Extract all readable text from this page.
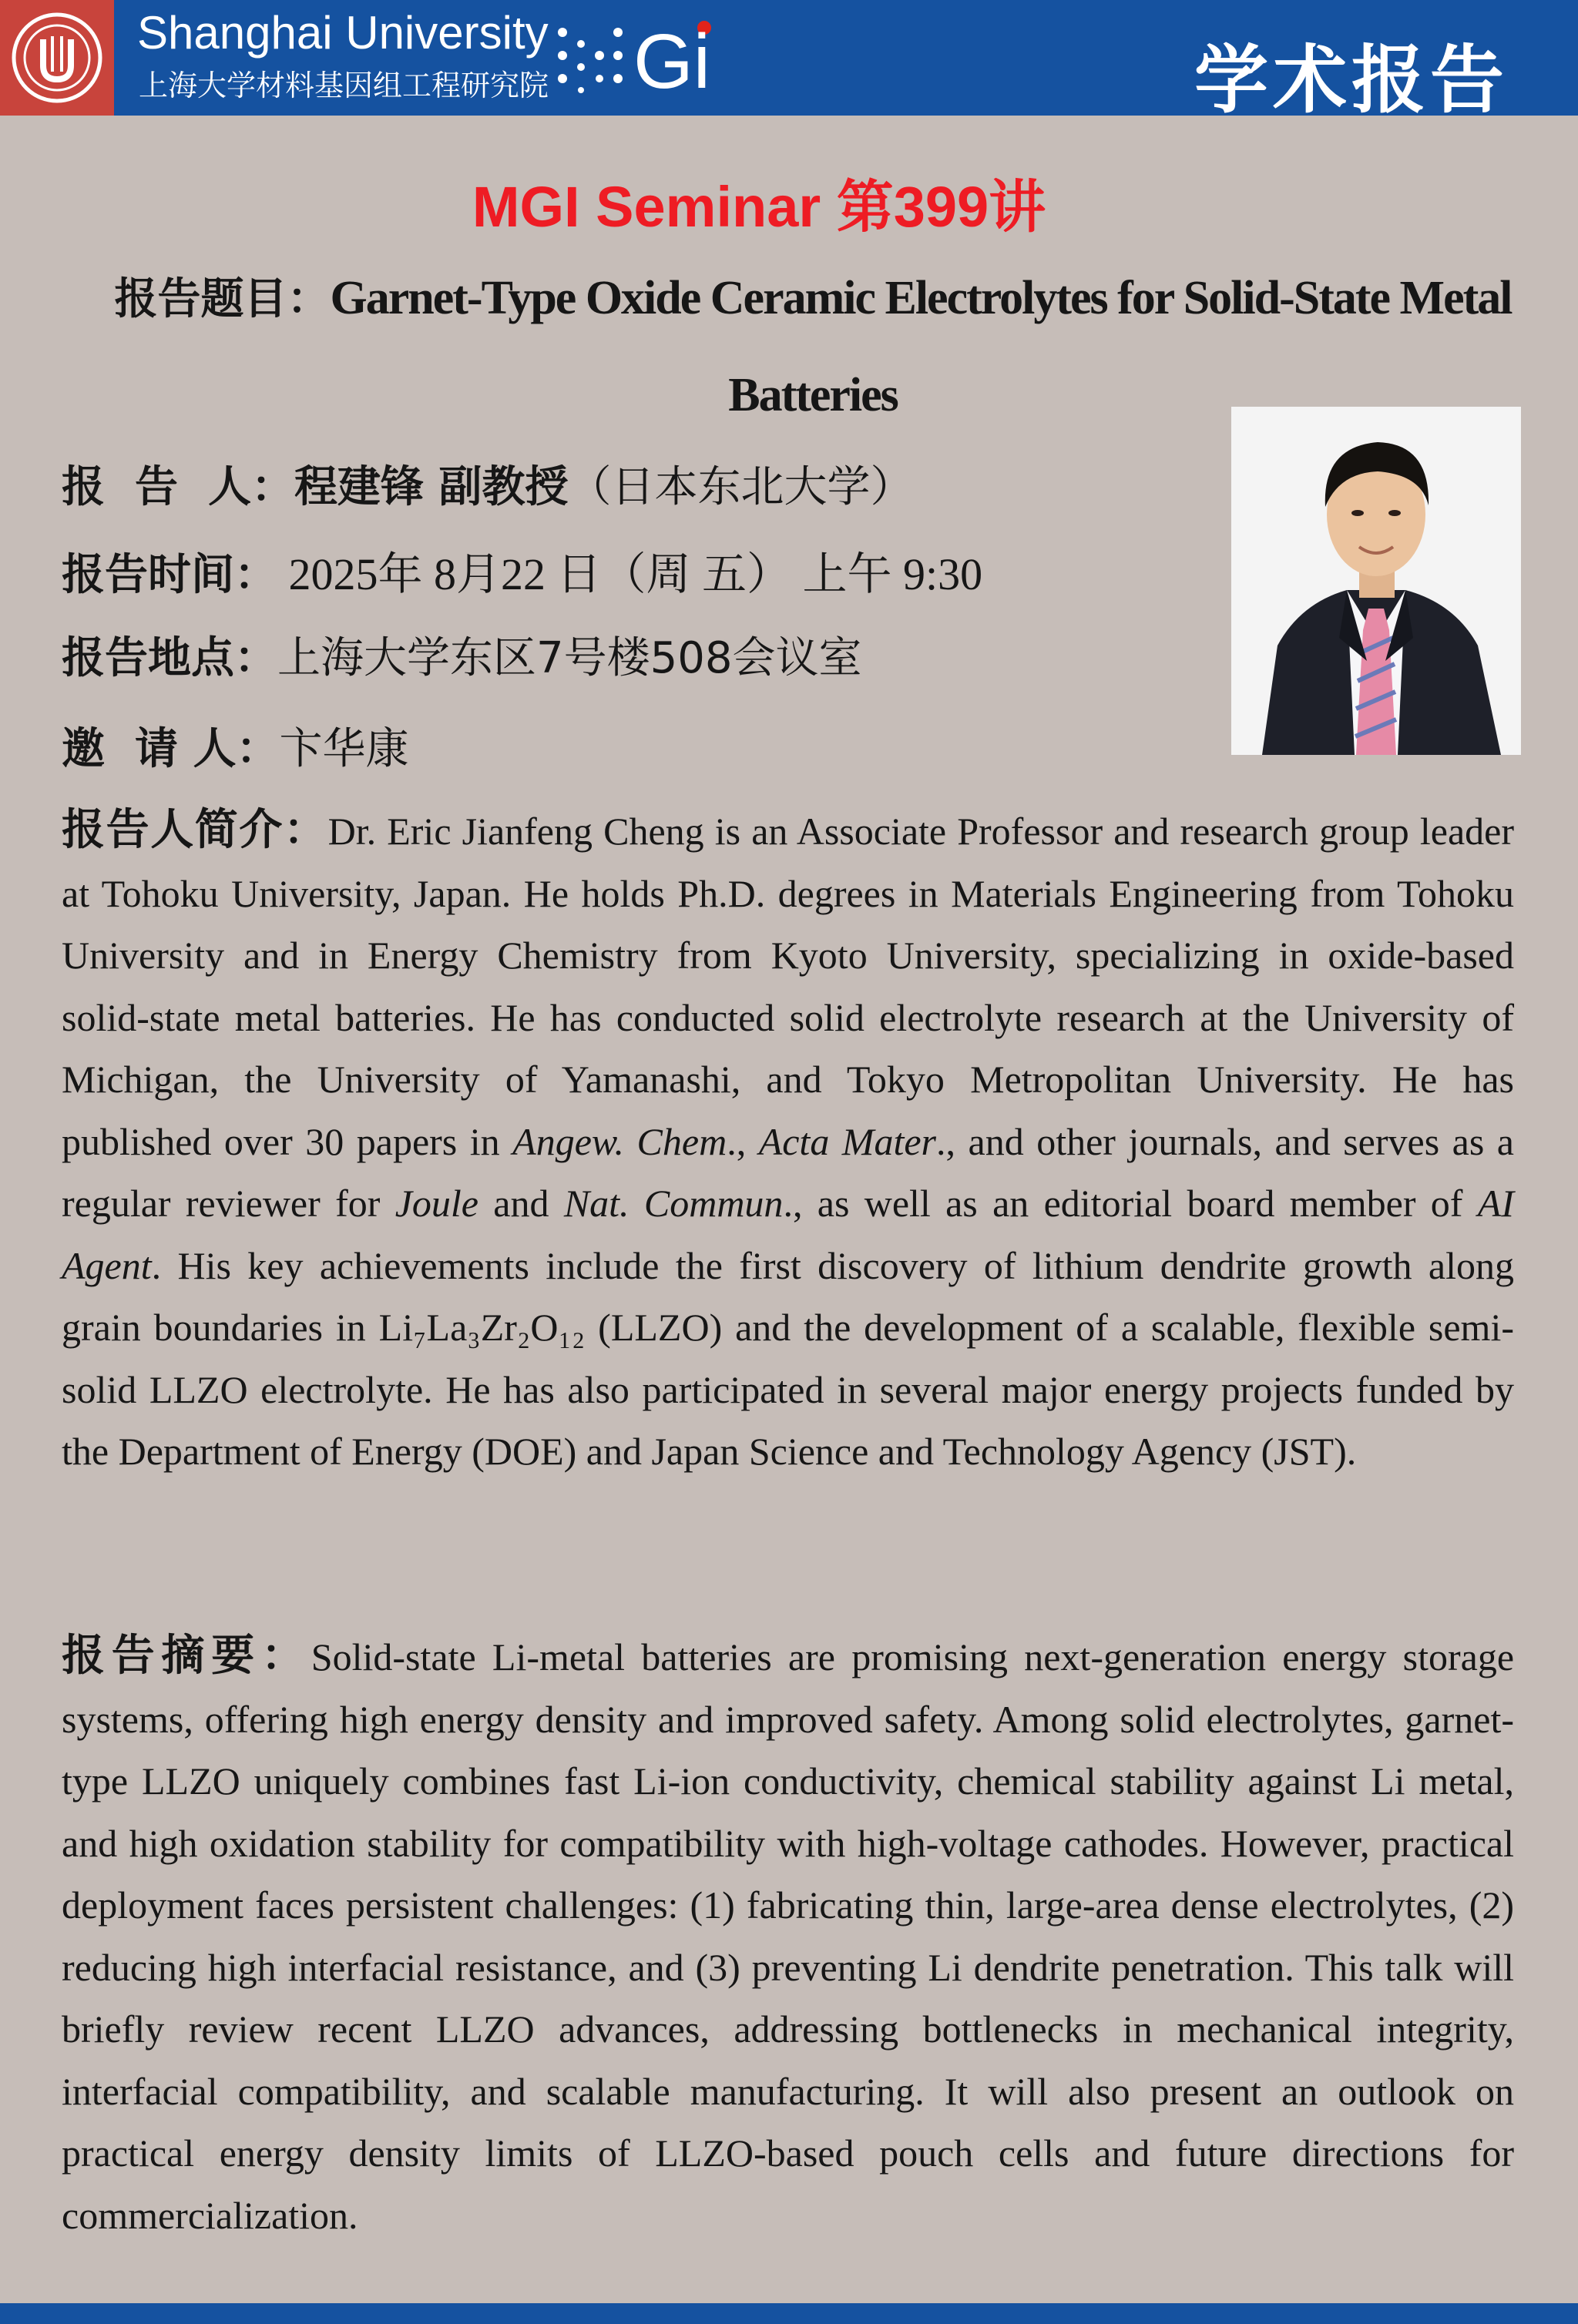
Shanghai University
上海大学材料基因组工程研究院 Gi	学术报告
MGI Seminar 第399讲
报告题目：Garnet-Type Oxide Ceramic Electrolytes for Solid-State Metal Batteries
报  告  人：程建锋 副教授（日本东北大学）
报告时间： 2025年 8月22 日（周 五） 上午 9:30
报告地点：上海大学东区7号楼508会议室
邀  请 人：卞华康
报告人简介：Dr. Eric Jianfeng Cheng is an Associate Professor and research group leader at Tohoku University, Japan. He holds Ph.D. degrees in Materials Engineering from Tohoku University and in Energy Chemistry from Kyoto University, specializing in oxide-based solid-state metal batteries. He has conducted solid electrolyte research at the University of Michigan, the University of Yamanashi, and Tokyo Metropolitan University. He has published over 30 papers in Angew. Chem., Acta Mater., and other journals, and serves as a regular reviewer for Joule and Nat. Commun., as well as an editorial board member of AI Agent. His key achievements include the first discovery of lithium dendrite growth along grain boundaries in Li₇La₃Zr₂O₁₂ (LLZO) and the development of a scalable, flexible semi-solid LLZO electrolyte. He has also participated in several major energy projects funded by the Department of Energy (DOE) and Japan Science and Technology Agency (JST).
报告摘要：Solid-state Li-metal batteries are promising next-generation energy storage systems, offering high energy density and improved safety. Among solid electrolytes, garnet-type LLZO uniquely combines fast Li-ion conductivity, chemical stability against Li metal, and high oxidation stability for compatibility with high-voltage cathodes. However, practical deployment faces persistent challenges: (1) fabricating thin, large-area dense electrolytes, (2) reducing high interfacial resistance, and (3) preventing Li dendrite penetration. This talk will briefly review recent LLZO advances, addressing bottlenecks in mechanical integrity, interfacial compatibility, and scalable manufacturing. It will also present an outlook on practical energy density limits of LLZO-based pouch cells and future directions for commercialization.
